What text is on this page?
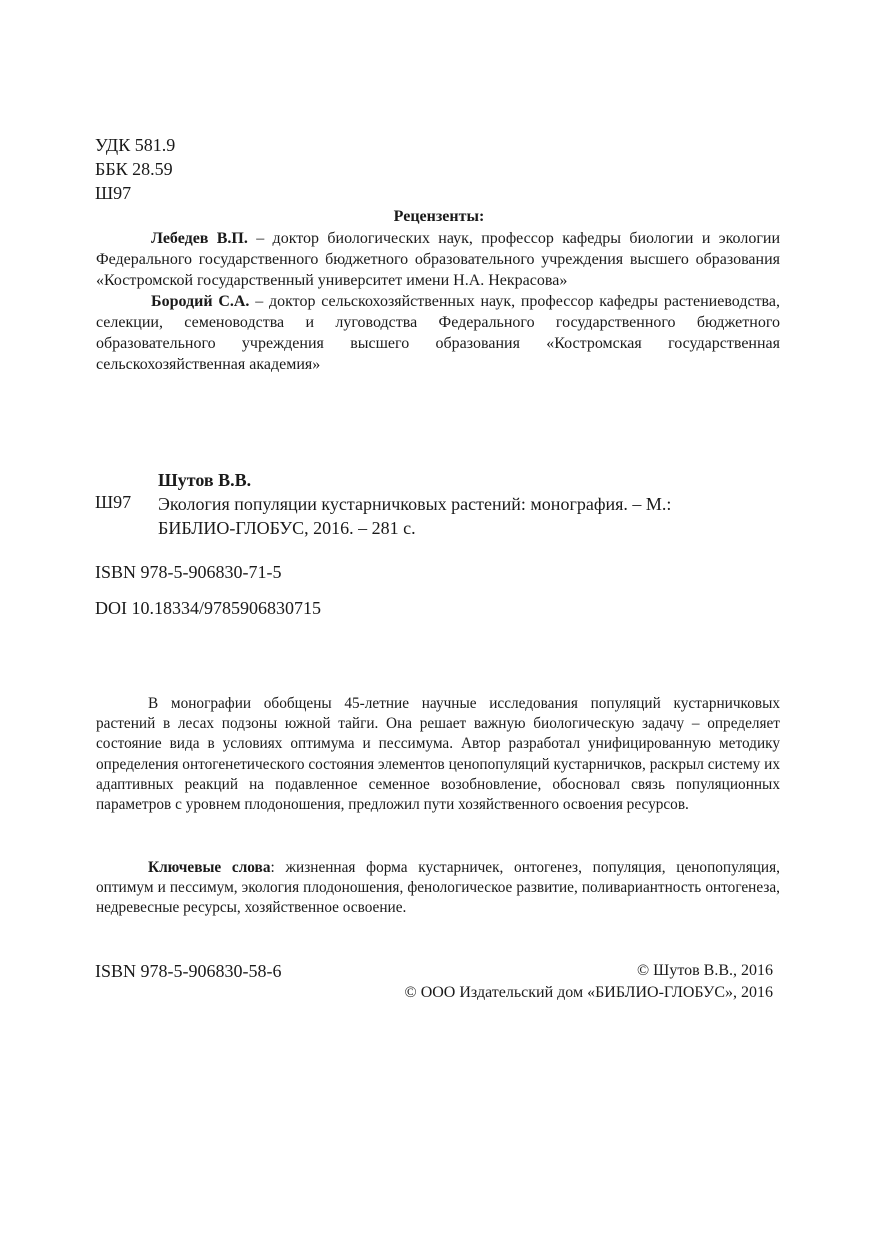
УДК 581.9
ББК 28.59
Ш97
Рецензенты:

Лебедев В.П. – доктор биологических наук, профессор кафедры биологии и экологии Федерального государственного бюджетного образовательного учреждения высшего образования «Костромской государственный университет имени Н.А. Некрасова»

Бородий С.А. – доктор сельскохозяйственных наук, профессор кафедры растениеводства, селекции, семеноводства и луговодства Федерального государственного бюджетного образовательного учреждения высшего образования «Костромская государственная сельскохозяйственная академия»

Ш97
Шутов В.В.
Экология популяции кустарничковых растений: монография. – М.:
БИБЛИО-ГЛОБУС, 2016. – 281 с.
ISBN 978-5-906830-71-5
DOI 10.18334/9785906830715

В монографии обобщены 45-летние научные исследования популяций кустарничковых растений в лесах подзоны южной тайги. Она решает важную биологическую задачу – определяет состояние вида в условиях оптимума и пессимума. Автор разработал унифицированную методику определения онтогенетического состояния элементов ценопопуляций кустарничков, раскрыл систему их адаптивных реакций на подавленное семенное возобновление, обосновал связь популяционных параметров с уровнем плодоношения, предложил пути хозяйственного освоения ресурсов.

Ключевые слова: жизненная форма кустарничек, онтогенез, популяция, ценопопуляция, оптимум и пессимум, экология плодоношения, фенологическое развитие, поливариантность онтогенеза, недревесные ресурсы, хозяйственное освоение.

ISBN 978-5-906830-58-6	© Шутов В.В., 2016
© ООО Издательский дом «БИБЛИО-ГЛОБУС», 2016
